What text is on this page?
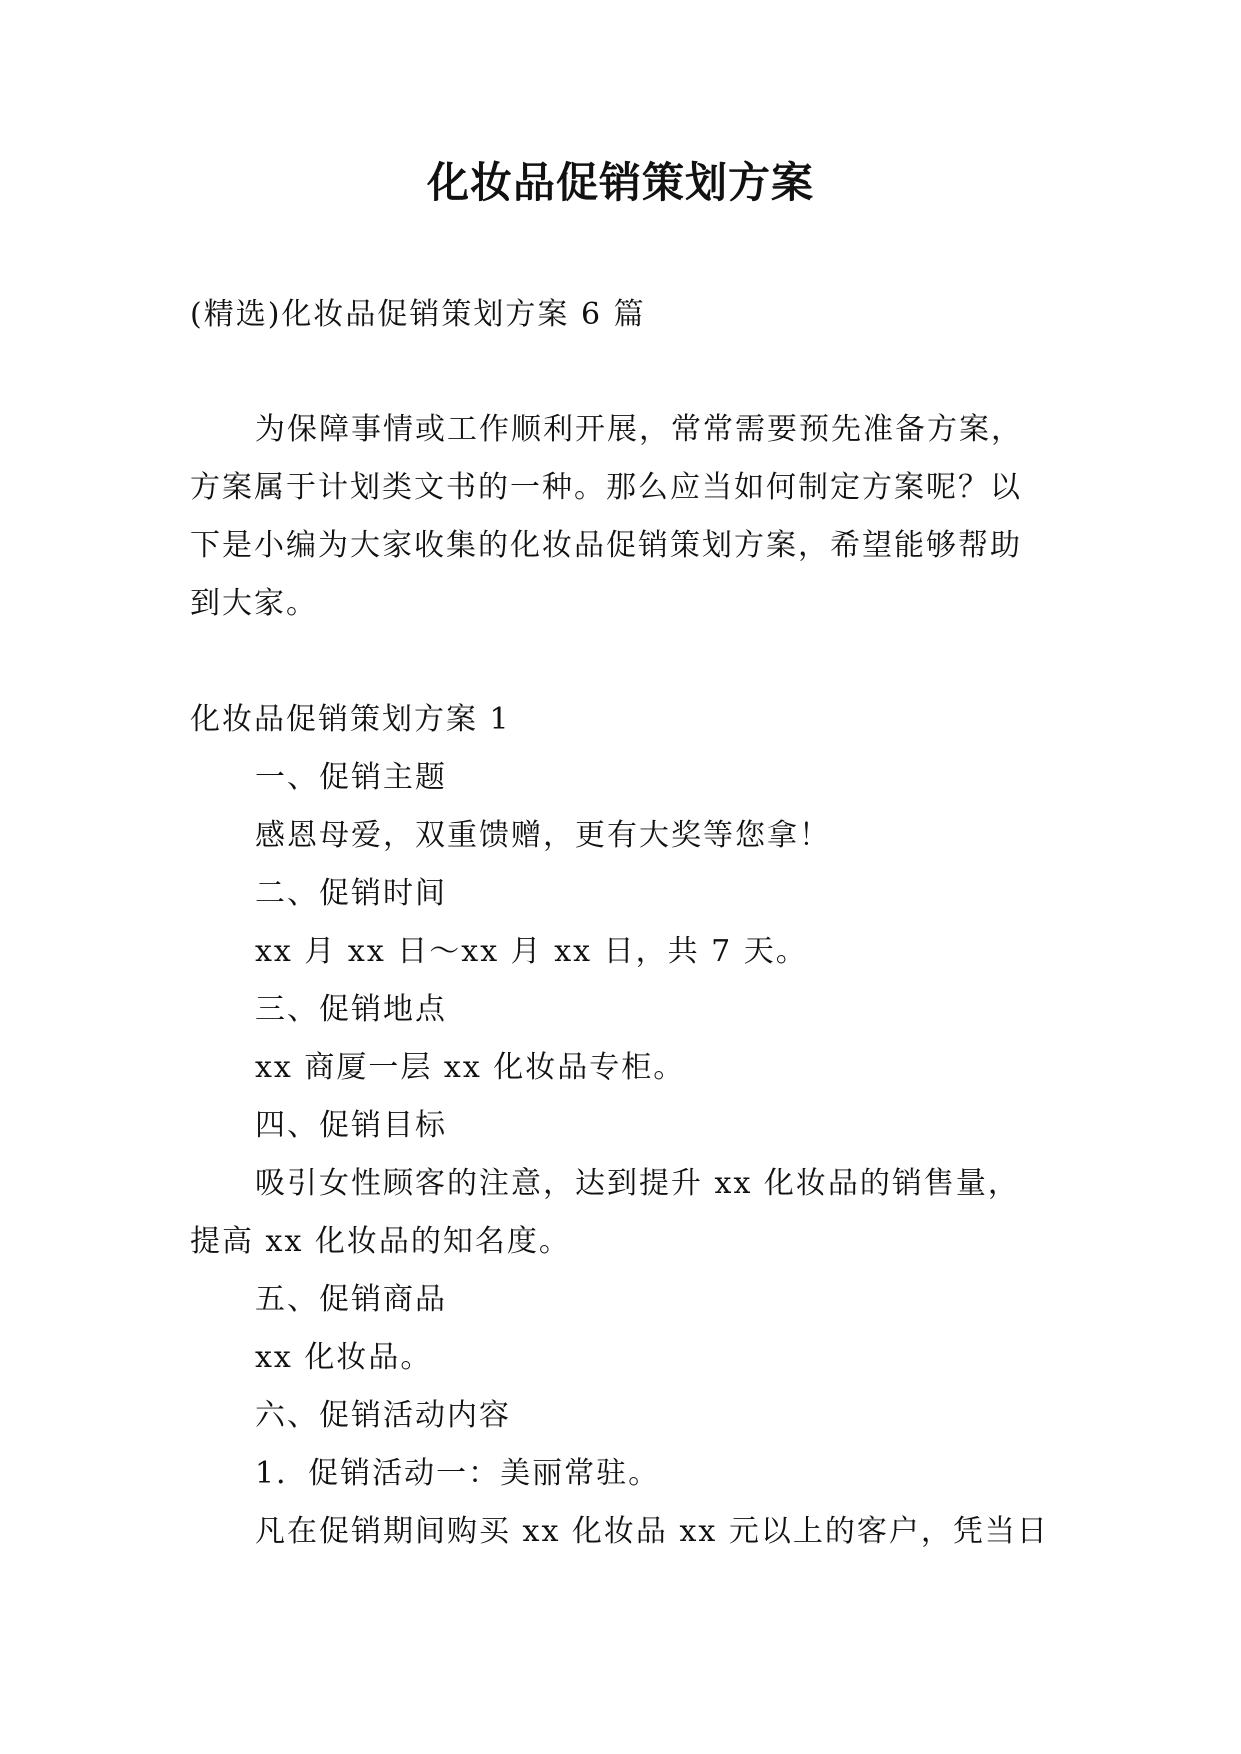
化妆品促销策划方案
(精选)化妆品促销策划方案 6 篇
为保障事情或工作顺利开展，常常需要预先准备方案，
方案属于计划类文书的一种。那么应当如何制定方案呢？以
下是小编为大家收集的化妆品促销策划方案，希望能够帮助
到大家。
化妆品促销策划方案 1
一、促销主题
感恩母爱，双重馈赠，更有大奖等您拿！
二、促销时间
xx 月 xx 日～xx 月 xx 日，共 7 天。
三、促销地点
xx 商厦一层 xx 化妆品专柜。
四、促销目标
吸引女性顾客的注意，达到提升 xx 化妆品的销售量，
提高 xx 化妆品的知名度。
五、促销商品
xx 化妆品。
六、促销活动内容
1．促销活动一：美丽常驻。
凡在促销期间购买 xx 化妆品 xx 元以上的客户，凭当日
